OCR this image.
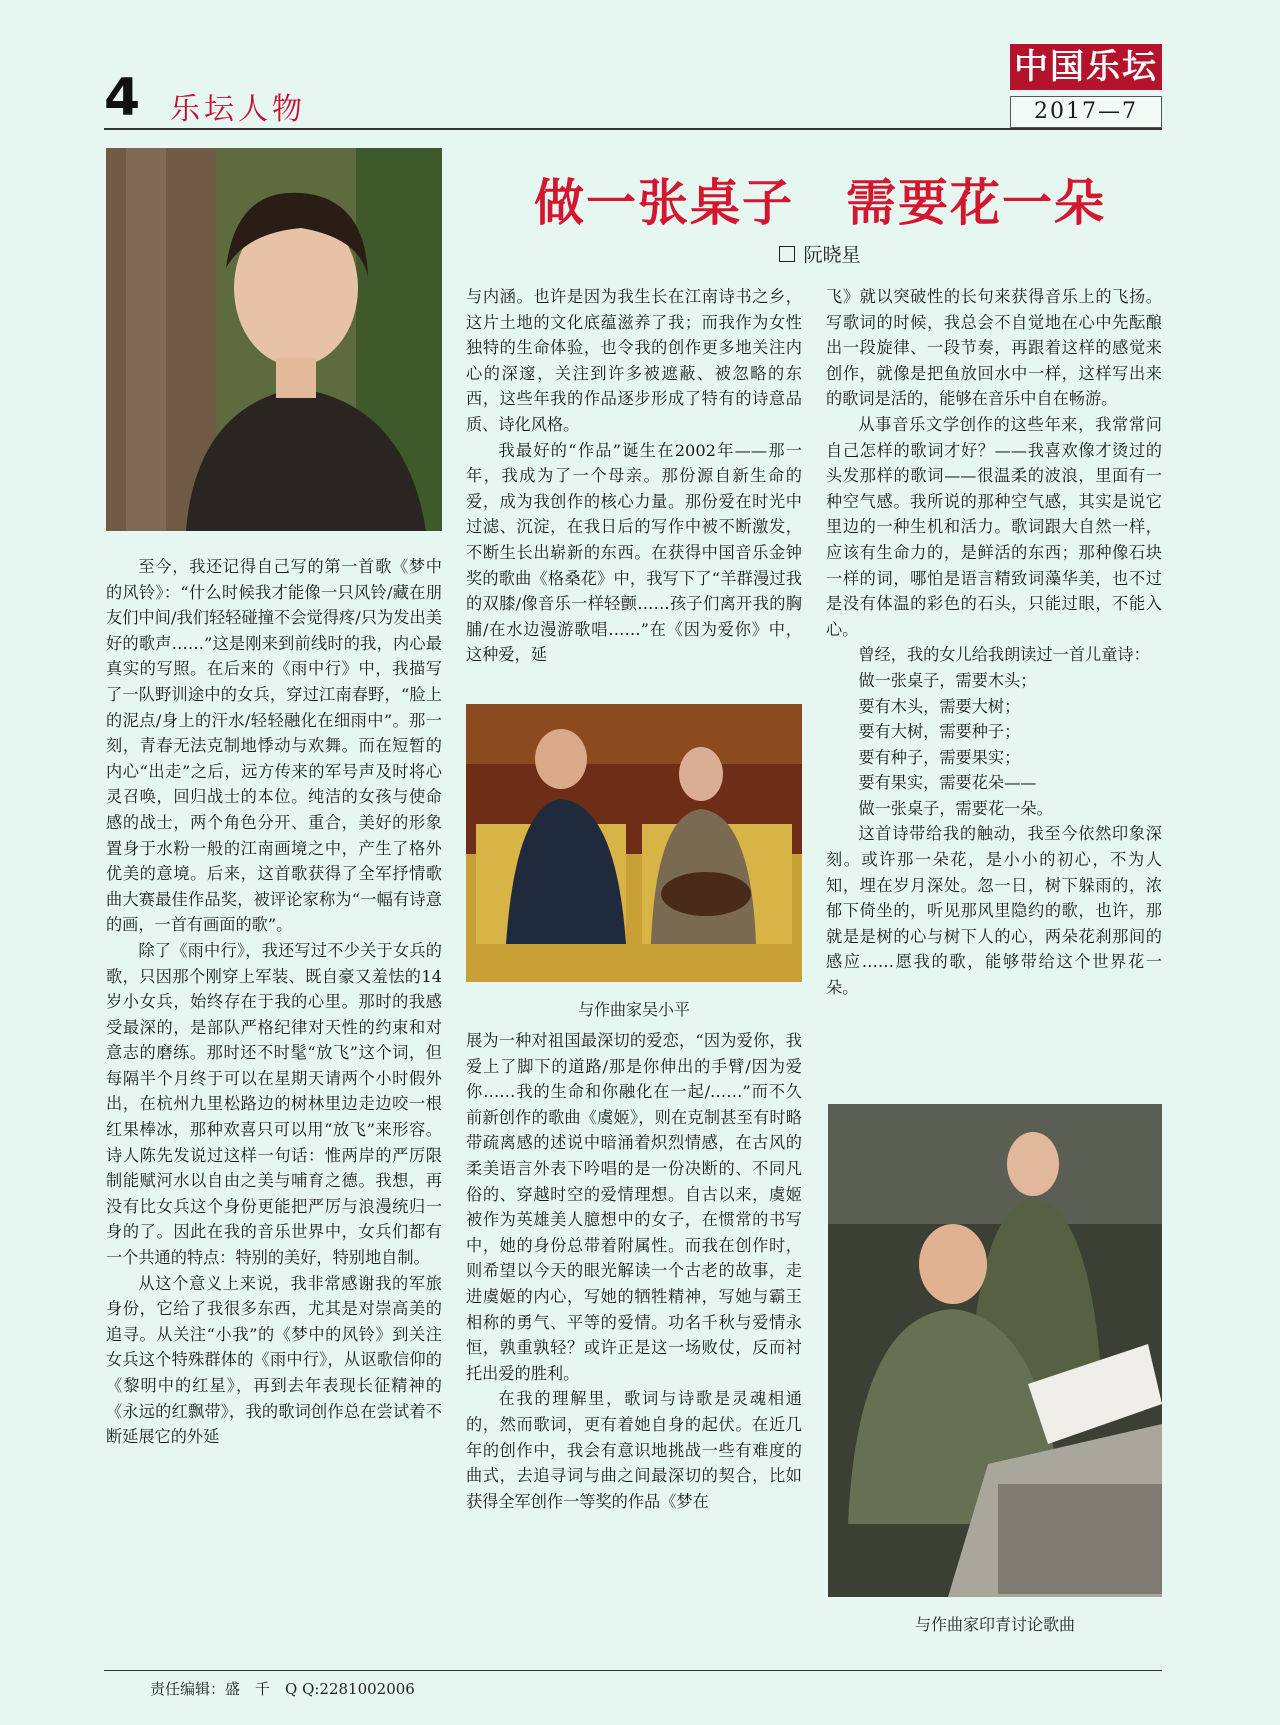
4 乐坛人物
中国乐坛
2017—7
做一张桌子　需要花一朵
阮晓星

至今，我还记得自己写的第一首歌《梦中的风铃》：“什么时候我才能像一只风铃/藏在朋友们中间/我们轻轻碰撞不会觉得疼/只为发出美好的歌声……”这是刚来到前线时的我，内心最真实的写照。在后来的《雨中行》中，我描写了一队野训途中的女兵，穿过江南春野，“脸上的泥点/身上的汗水/轻轻融化在细雨中”。那一刻，青春无法克制地悸动与欢舞。而在短暂的内心“出走”之后，远方传来的军号声及时将心灵召唤，回归战士的本位。纯洁的女孩与使命感的战士，两个角色分开、重合，美好的形象置身于水粉一般的江南画境之中，产生了格外优美的意境。后来，这首歌获得了全军抒情歌曲大赛最佳作品奖，被评论家称为“一幅有诗意的画，一首有画面的歌”。

除了《雨中行》，我还写过不少关于女兵的歌，只因那个刚穿上军装、既自豪又羞怯的14岁小女兵，始终存在于我的心里。那时的我感受最深的，是部队严格纪律对天性的约束和对意志的磨练。那时还不时髦“放飞”这个词，但每隔半个月终于可以在星期天请两个小时假外出，在杭州九里松路边的树林里边走边咬一根红果棒冰，那种欢喜只可以用“放飞”来形容。诗人陈先发说过这样一句话：惟两岸的严厉限制能赋河水以自由之美与哺育之德。我想，再没有比女兵这个身份更能把严厉与浪漫统归一身的了。因此在我的音乐世界中，女兵们都有一个共通的特点：特别的美好，特别地自制。

从这个意义上来说，我非常感谢我的军旅身份，它给了我很多东西，尤其是对崇高美的追寻。从关注“小我”的《梦中的风铃》到关注女兵这个特殊群体的《雨中行》，从讴歌信仰的《黎明中的红星》，再到去年表现长征精神的《永远的红飘带》，我的歌词创作总在尝试着不断延展它的外延

与内涵。也许是因为我生长在江南诗书之乡，这片土地的文化底蕴滋养了我；而我作为女性独特的生命体验，也令我的创作更多地关注内心的深邃，关注到许多被遮蔽、被忽略的东西，这些年我的作品逐步形成了特有的诗意品质、诗化风格。

我最好的“作品”诞生在2002年——那一年，我成为了一个母亲。那份源自新生命的爱，成为我创作的核心力量。那份爱在时光中过滤、沉淀，在我日后的写作中被不断激发，不断生长出崭新的东西。在获得中国音乐金钟奖的歌曲《格桑花》中，我写下了“羊群漫过我的双膝/像音乐一样轻颤……孩子们离开我的胸脯/在水边漫游歌唱……”在《因为爱你》中，这种爱，延

与作曲家吴小平

展为一种对祖国最深切的爱恋，“因为爱你，我爱上了脚下的道路/那是你伸出的手臂/因为爱你……我的生命和你融化在一起/……”而不久前新创作的歌曲《虞姬》，则在克制甚至有时略带疏离感的述说中暗涌着炽烈情感，在古风的柔美语言外表下吟唱的是一份决断的、不同凡俗的、穿越时空的爱情理想。自古以来，虞姬被作为英雄美人臆想中的女子，在惯常的书写中，她的身份总带着附属性。而我在创作时，则希望以今天的眼光解读一个古老的故事，走进虞姬的内心，写她的牺牲精神，写她与霸王相称的勇气、平等的爱情。功名千秋与爱情永恒，孰重孰轻？或许正是这一场败仗，反而衬托出爱的胜利。

在我的理解里，歌词与诗歌是灵魂相通的，然而歌词，更有着她自身的起伏。在近几年的创作中，我会有意识地挑战一些有难度的曲式，去追寻词与曲之间最深切的契合，比如获得全军创作一等奖的作品《梦在

飞》就以突破性的长句来获得音乐上的飞扬。写歌词的时候，我总会不自觉地在心中先酝酿出一段旋律、一段节奏，再跟着这样的感觉来创作，就像是把鱼放回水中一样，这样写出来的歌词是活的，能够在音乐中自在畅游。

从事音乐文学创作的这些年来，我常常问自己怎样的歌词才好？——我喜欢像才烫过的头发那样的歌词——很温柔的波浪，里面有一种空气感。我所说的那种空气感，其实是说它里边的一种生机和活力。歌词跟大自然一样，应该有生命力的，是鲜活的东西；那种像石块一样的词，哪怕是语言精致词藻华美，也不过是没有体温的彩色的石头，只能过眼，不能入心。

曾经，我的女儿给我朗读过一首儿童诗：

做一张桌子，需要木头；

要有木头，需要大树；

要有大树，需要种子；

要有种子，需要果实；

要有果实，需要花朵——

做一张桌子，需要花一朵。

这首诗带给我的触动，我至今依然印象深刻。或许那一朵花，是小小的初心，不为人知，埋在岁月深处。忽一日，树下躲雨的，浓郁下倚坐的，听见那风里隐约的歌，也许，那就是是树的心与树下人的心，两朵花刹那间的感应……愿我的歌，能够带给这个世界花一朵。

与作曲家印青讨论歌曲
责任编辑：盛　千　Q Q:2281002006
